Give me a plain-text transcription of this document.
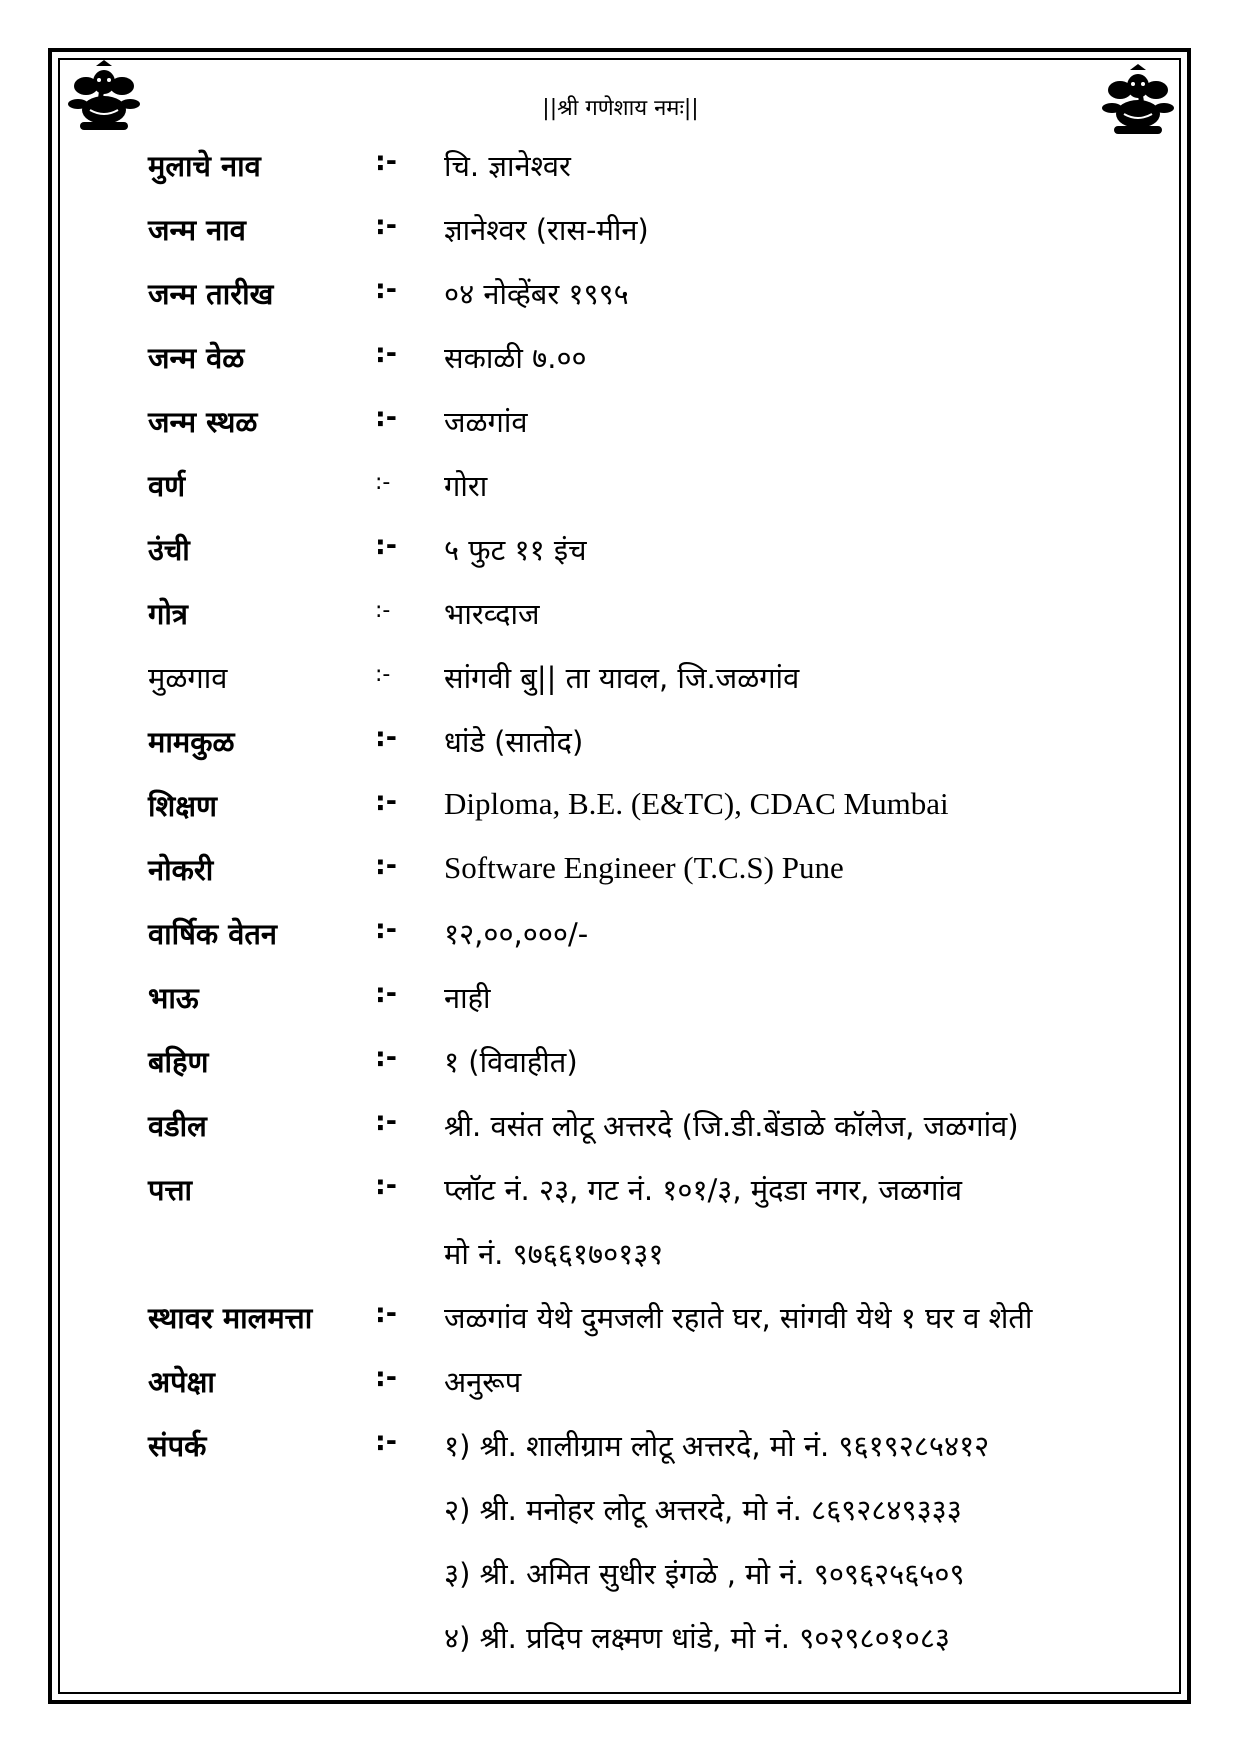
||श्री गणेशाय नमः||
मुलाचे नाव	:- चि. ज्ञानेश्वर
जन्म नाव	:- ज्ञानेश्वर (रास-मीन)
जन्म तारीख	:- ०४ नोव्हेंबर १९९५
जन्म वेळ	:- सकाळी ७.००
जन्म स्थळ	:- जळगांव
वर्ण	:- गोरा
उंची	:- ५ फुट ११ इंच
गोत्र	:- भारव्दाज
मुळगाव	:- सांगवी बु|| ता यावल, जि.जळगांव
मामकुळ	:- धांडे (सातोद)
शिक्षण	:- Diploma, B.E. (E&TC), CDAC Mumbai
नोकरी	:- Software Engineer (T.C.S) Pune
वार्षिक वेतन	:- १२,००,०००/-
भाऊ	:- नाही
बहिण	:- १ (विवाहीत)
वडील	:- श्री. वसंत लोटू अत्तरदे (जि.डी.बेंडाळे कॉलेज, जळगांव)
पत्ता	:- प्लॉट नं. २३, गट नं. १०१/३, मुंदडा नगर, जळगांव
मो नं. ९७६६१७०१३१
स्थावर मालमत्ता :- जळगांव येथे दुमजली रहाते घर, सांगवी येथे १ घर व शेती
अपेक्षा	:- अनुरूप
संपर्क	:- १) श्री. शालीग्राम लोटू अत्तरदे, मो नं. ९६१९२८५४१२
२) श्री. मनोहर लोटू अत्तरदे, मो नं. ८६९२८४९३३३
३) श्री. अमित सुधीर इंगळे , मो नं. ९०९६२५६५०९
४) श्री. प्रदिप लक्ष्मण धांडे, मो नं. ९०२९८०१०८३
